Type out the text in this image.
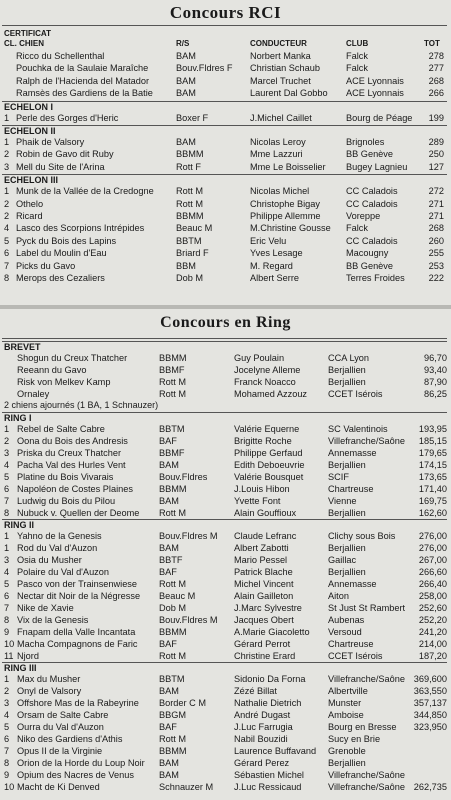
Concours RCI
CERTIFICAT
CL. CHIEN	R/S	CONDUCTEUR	CLUB	TOT
Ricco du Schellenthal	BAM	Norbert Manka	Falck	278
Pouchka de la Saulaie Maraîche	Bouv.Fldres F	Christian Schaub	Falck	277
Ralph de l'Hacienda del Matador	BAM	Marcel Truchet	ACE Lyonnais	268
Ramsès des Gardiens de la Batie	BAM	Laurent Dal Gobbo	ACE Lyonnais	266
ECHELON I
1 Perle des Gorges d'Heric	Boxer F	J.Michel Caillet	Bourg de Péage	199
ECHELON II
1 Phaik de Valsory	BAM	Nicolas Leroy	Brignoles	289
2 Robin de Gavo dit Ruby	BBMM	Mme Lazzuri	BB Genève	250
3 Mell du Site de l'Arina	Rott F	Mme Le Boisselier	Bugey Lagnieu	127
ECHELON III
1 Munk de la Vallée de la Credogne	Rott M	Nicolas Michel	CC Caladois	272
2 Othelo	Rott M	Christophe Bigay	CC Caladois	271
2 Ricard	BBMM	Philippe Allemme	Voreppe	271
4 Lasco des Scorpions Intrépides	Beauc M	M.Christine Gousse	Falck	268
5 Pyck du Bois des Lapins	BBTM	Eric Velu	CC Caladois	260
6 Label du Moulin d'Eau	Briard F	Yves Lesage	Macougny	255
7 Picks du Gavo	BBM	M. Regard	BB Genève	253
8 Merops des Cezaliers	Dob M	Albert Serre	Terres Froides	222
Concours en Ring
BREVET
Shogun du Creux Thatcher	BBMM	Guy Poulain	CCA Lyon	96,70
Reeann du Gavo	BBMF	Jocelyne Alleme	Berjallien	93,40
Risk von Melkev Kamp	Rott M	Franck Noacco	Berjallien	87,90
Ornaley	Rott M	Mohamed Azzouz	CCET Isérois	86,25
2 chiens ajournés (1 BA, 1 Schnauzer)
RING I
1 Rebel de Salte Cabre	BBTM	Valérie Equerne	SC Valentinois	193,95
2 Oona du Bois des Andresis	BAF	Brigitte Roche	Villefranche/Saône	185,15
3 Priska du Creux Thatcher	BBMF	Philippe Gerfaud	Annemasse	179,65
4 Pacha Val des Hurles Vent	BAM	Edith Deboeuvrie	Berjallien	174,15
5 Platine du Bois Vivarais	Bouv.Fldres	Valérie Bousquet	SCIF	173,65
6 Napoléon de Costes Plaines	BBMM	J.Louis Hibon	Chartreuse	171,40
7 Ludwig du Bois du Pilou	BAM	Yvette Font	Vienne	169,75
8 Nubuck v. Quellen der Deome	Rott M	Alain Gouffioux	Berjallien	162,60
RING II
1 Yahno de la Genesis	Bouv.Fldres M	Claude Lefranc	Clichy sous Bois	276,00
1 Rod du Val d'Auzon	BAM	Albert Zabotti	Berjallien	276,00
3 Osia du Musher	BBTF	Mario Pessel	Gaillac	267,00
4 Polaire du Val d'Auzon	BAF	Patrick Blache	Berjallien	266,60
5 Pasco von der Trainsenwiese	Rott M	Michel Vincent	Annemasse	266,40
6 Nectar dit Noir de la Négresse	Beauc M	Alain Gailleton	Aiton	258,00
7 Nike de Xavie	Dob M	J.Marc Sylvestre	St Just St Rambert	252,60
8 Vix de la Genesis	Bouv.Fldres M	Jacques Obert	Aubenas	252,20
9 Fnapam della Valle Incantata	BBMM	A.Marie Giacoletto	Versoud	241,20
10 Macha Compagnons de Faric	BAF	Gérard Perrot	Chartreuse	214,00
11 Njord	Rott M	Christine Erard	CCET Isérois	187,20
RING III
1 Max du Musher	BBTM	Sidonio Da Forna	Villefranche/Saône 369,600
2 Onyl de Valsory	BAM	Zézé Billat	Albertville	363,550
3 Offshore Mas de la Rabeyrine	Border C M	Nathalie Dietrich	Munster	357,137
4 Orsam de Salte Cabre	BBGM	André Dugast	Amboise	344,850
5 Ourra du Val d'Auzon	BAF	J.Luc Farrugia	Bourg en Bresse	323,950
6 Niko des Gardiens d'Athis	Rott M	Nabil Bouzidi	Sucy en Brie
7 Opus II de la Virginie	BBMM	Laurence Buffavand	Grenoble
8 Orion de la Horde du Loup Noir	BAM	Gérard Perez	Berjallien
9 Opium des Nacres de Venus	BAM	Sébastien Michel	Villefranche/Saône
10 Macht de Ki Denved	Schnauzer M	J.Luc Ressicaud	Villefranche/Saône 262,735
